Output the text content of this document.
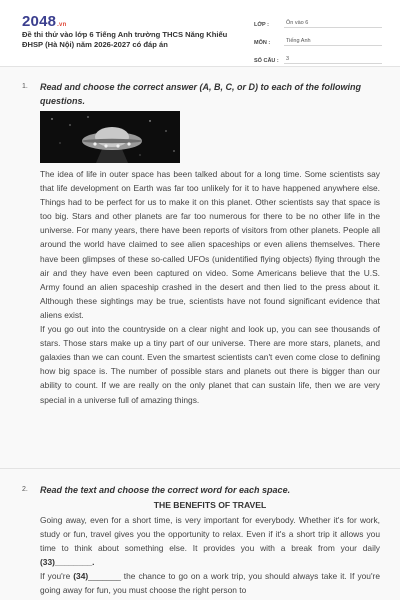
2048.vn
Đề thi thử vào lớp 6 Tiếng Anh trường THCS Năng Khiếu ĐHSP (Hà Nội) năm 2026-2027 có đáp án
LỚP :	Ôn vào 6
MÔN :	Tiếng Anh
SỐ CÂU :	3
1. Read and choose the correct answer (A, B, C, or D) to each of the following questions.

The idea of life in outer space has been talked about for a long time. Some scientists say that life development on Earth was far too unlikely for it to have happened anywhere else. Things had to be perfect for us to make it on this planet. Other scientists say that space is too big. Stars and other planets are far too numerous for there to be no other life in the universe. For many years, there have been reports of visitors from other planets. People all around the world have claimed to see alien spaceships or even aliens themselves. There have been glimpses of these so-called UFOs (unidentified flying objects) flying through the air and they have even been captured on video. Some Americans believe that the U.S. Army found an alien spaceship crashed in the desert and then lied to the press about it. Although these sightings may be true, scientists have not found significant evidence that aliens exist.

If you go out into the countryside on a clear night and look up, you can see thousands of stars. Those stars make up a tiny part of our universe. There are more stars, planets, and galaxies than we can count. Even the smartest scientists can't even come close to defining how big space is. The number of possible stars and planets out there is bigger than our ability to count. If we are really on the only planet that can sustain life, then we are very special in a universe full of amazing things.

2. Read the text and choose the correct word for each space.
THE BENEFITS OF TRAVEL

Going away, even for a short time, is very important for everybody. Whether it's for work, study or fun, travel gives you the opportunity to relax. Even if it's a short trip it allows you time to think about something else. It provides you with a break from your daily (33)________.

If you're (34)_______ the chance to go on a work trip, you should always take it. If you're going away for fun, you must choose the right person to
